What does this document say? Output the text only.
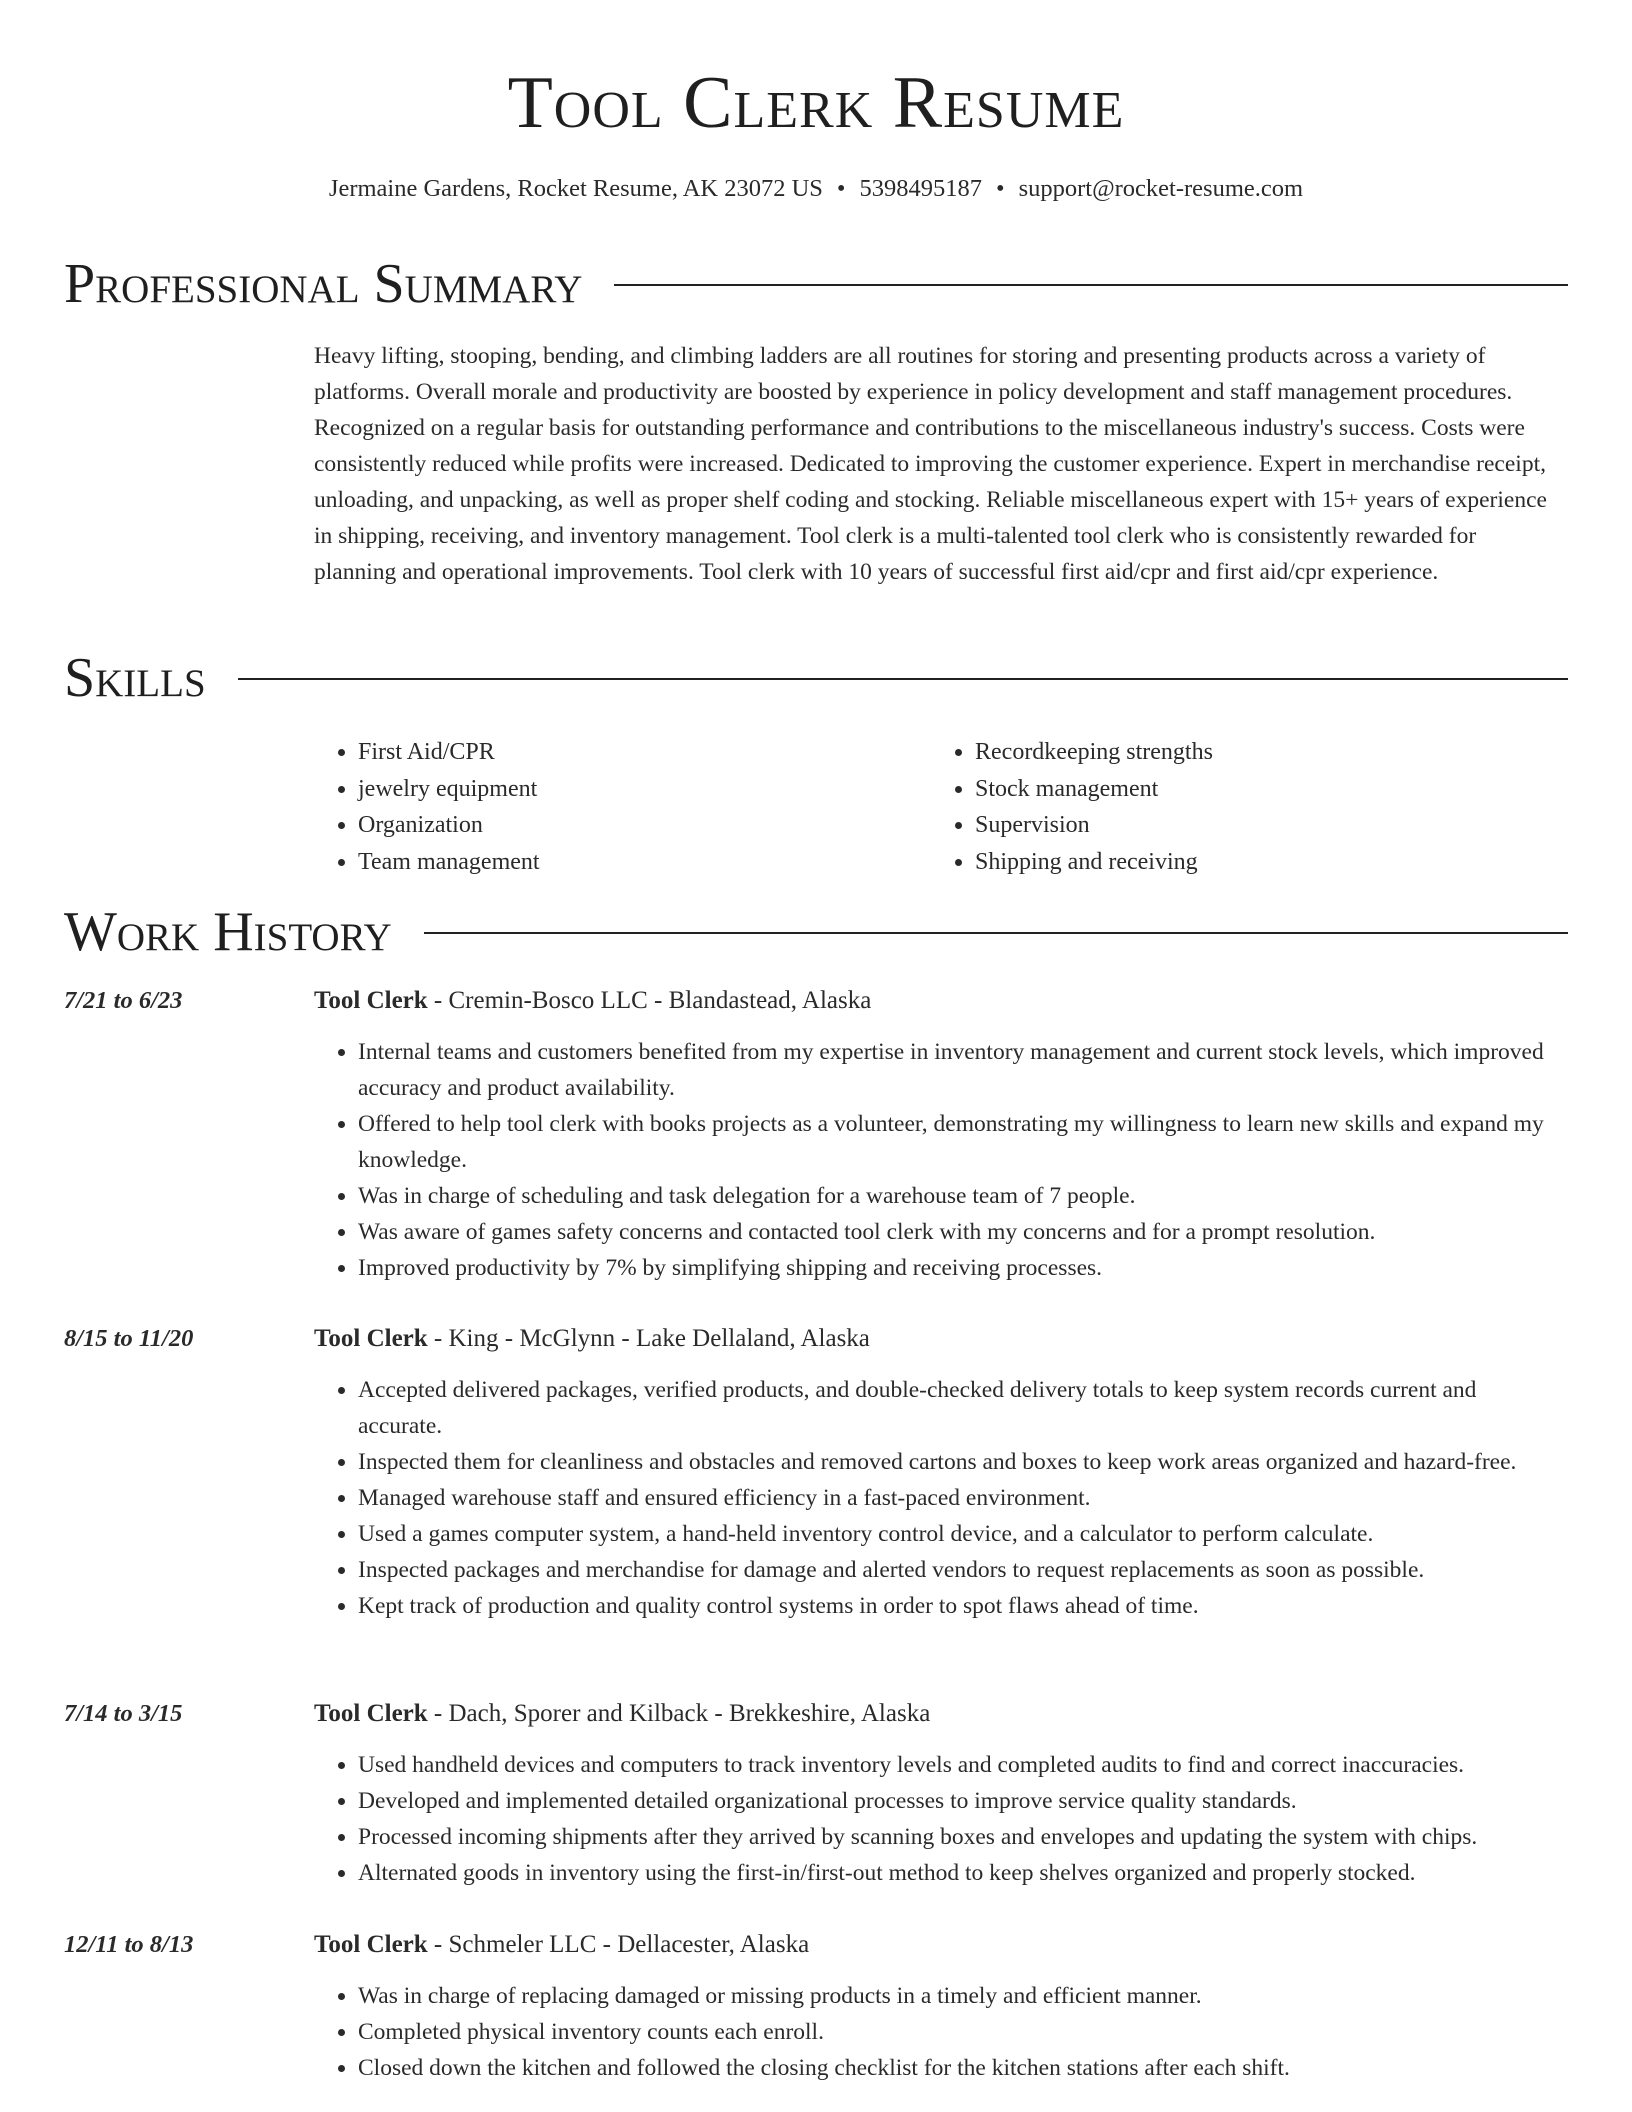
Tool Clerk Resume
Jermaine Gardens, Rocket Resume, AK 23072 US • 5398495187 • support@rocket-resume.com
Professional Summary

Heavy lifting, stooping, bending, and climbing ladders are all routines for storing and presenting products across a variety of platforms. Overall morale and productivity are boosted by experience in policy development and staff management procedures. Recognized on a regular basis for outstanding performance and contributions to the miscellaneous industry's success. Costs were consistently reduced while profits were increased. Dedicated to improving the customer experience. Expert in merchandise receipt, unloading, and unpacking, as well as proper shelf coding and stocking. Reliable miscellaneous expert with 15+ years of experience in shipping, receiving, and inventory management. Tool clerk is a multi-talented tool clerk who is consistently rewarded for planning and operational improvements. Tool clerk with 10 years of successful first aid/cpr and first aid/cpr experience.

Skills
• First Aid/CPR
• jewelry equipment
• Organization
• Team management
• Recordkeeping strengths
• Stock management
• Supervision
• Shipping and receiving
Work History
7/21 to 6/23	Tool Clerk - Cremin-Bosco LLC - Blandastead, Alaska
• Internal teams and customers benefited from my expertise in inventory management and current stock levels, which improved accuracy and product availability.
• Offered to help tool clerk with books projects as a volunteer, demonstrating my willingness to learn new skills and expand my knowledge.
• Was in charge of scheduling and task delegation for a warehouse team of 7 people.
• Was aware of games safety concerns and contacted tool clerk with my concerns and for a prompt resolution.
• Improved productivity by 7% by simplifying shipping and receiving processes.
8/15 to 11/20	Tool Clerk - King - McGlynn - Lake Dellaland, Alaska
• Accepted delivered packages, verified products, and double-checked delivery totals to keep system records current and accurate.
• Inspected them for cleanliness and obstacles and removed cartons and boxes to keep work areas organized and hazard-free.
• Managed warehouse staff and ensured efficiency in a fast-paced environment.
• Used a games computer system, a hand-held inventory control device, and a calculator to perform calculate.
• Inspected packages and merchandise for damage and alerted vendors to request replacements as soon as possible.
• Kept track of production and quality control systems in order to spot flaws ahead of time.
7/14 to 3/15	Tool Clerk - Dach, Sporer and Kilback - Brekkeshire, Alaska
• Used handheld devices and computers to track inventory levels and completed audits to find and correct inaccuracies.
• Developed and implemented detailed organizational processes to improve service quality standards.
• Processed incoming shipments after they arrived by scanning boxes and envelopes and updating the system with chips.
• Alternated goods in inventory using the first-in/first-out method to keep shelves organized and properly stocked.
12/11 to 8/13	Tool Clerk - Schmeler LLC - Dellacester, Alaska
• Was in charge of replacing damaged or missing products in a timely and efficient manner.
• Completed physical inventory counts each enroll.
• Closed down the kitchen and followed the closing checklist for the kitchen stations after each shift.
